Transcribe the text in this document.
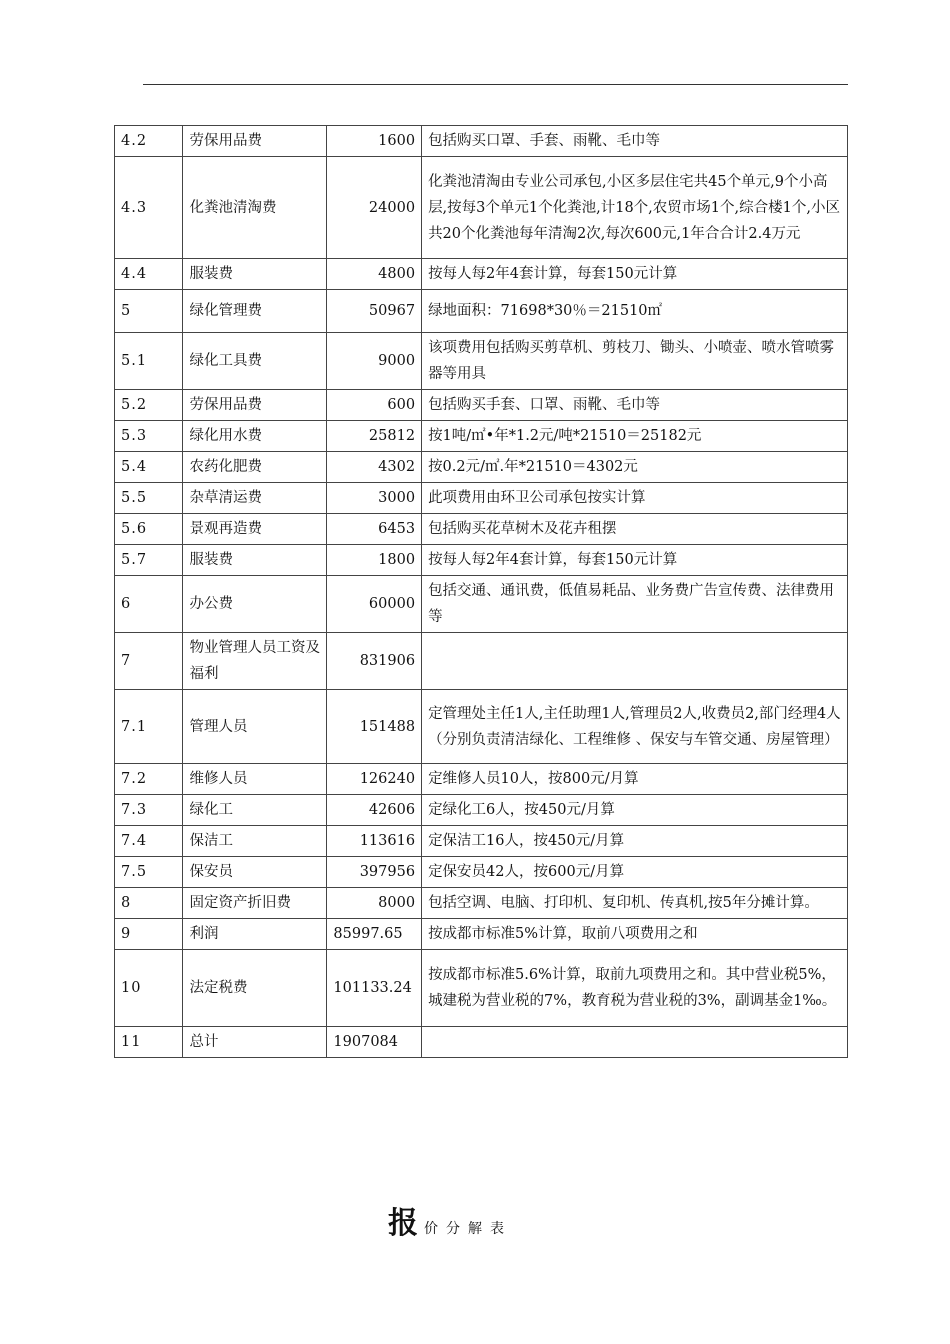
4.2	劳保用品费	1600	包括购买口罩、手套、雨靴、毛巾等
4.3	化粪池清淘费	24000	化粪池清淘由专业公司承包,小区多层住宅共45个单元,9个小高层,按每3个单元1个化粪池,计18个,农贸市场1个,综合楼1个,小区共20个化粪池每年清淘2次,每次600元,1年合合计2.4万元
4.4	服装费	4800	按每人每2年4套计算，每套150元计算
5	绿化管理费	50967	绿地面积：71698*30％＝21510㎡
5.1	绿化工具费	9000	该项费用包括购买剪草机、剪枝刀、锄头、小喷壶、喷水管喷雾器等用具
5.2	劳保用品费	600	包括购买手套、口罩、雨靴、毛巾等
5.3	绿化用水费	25812	按1吨/㎡•年*1.2元/吨*21510＝25182元
5.4	农药化肥费	4302	按0.2元/㎡.年*21510＝4302元
5.5	杂草清运费	3000	此项费用由环卫公司承包按实计算
5.6	景观再造费	6453	包括购买花草树木及花卉租摆
5.7	服装费	1800	按每人每2年4套计算，每套150元计算
6	办公费	60000	包括交通、通讯费，低值易耗品、业务费广告宣传费、法律费用等
7	物业管理人员工资及福利	831906	
7.1	管理人员	151488	定管理处主任1人,主任助理1人,管理员2人,收费员2,部门经理4人（分别负责清洁绿化、工程维修 、保安与车管交通、房屋管理）
7.2	维修人员	126240	定维修人员10人，按800元/月算
7.3	绿化工	42606	定绿化工6人，按450元/月算
7.4	保洁工	113616	定保洁工16人，按450元/月算
7.5	保安员	397956	定保安员42人，按600元/月算
8	固定资产折旧费	8000	包括空调、电脑、打印机、复印机、传真机,按5年分摊计算。
9	利润	85997.65	按成都市标准5%计算，取前八项费用之和
10	法定税费	101133.24	按成都市标准5.6%计算，取前九项费用之和。其中营业税5%，城建税为营业税的7%，教育税为营业税的3%，副调基金1‰。
11	总计	1907084	
报价分解表
